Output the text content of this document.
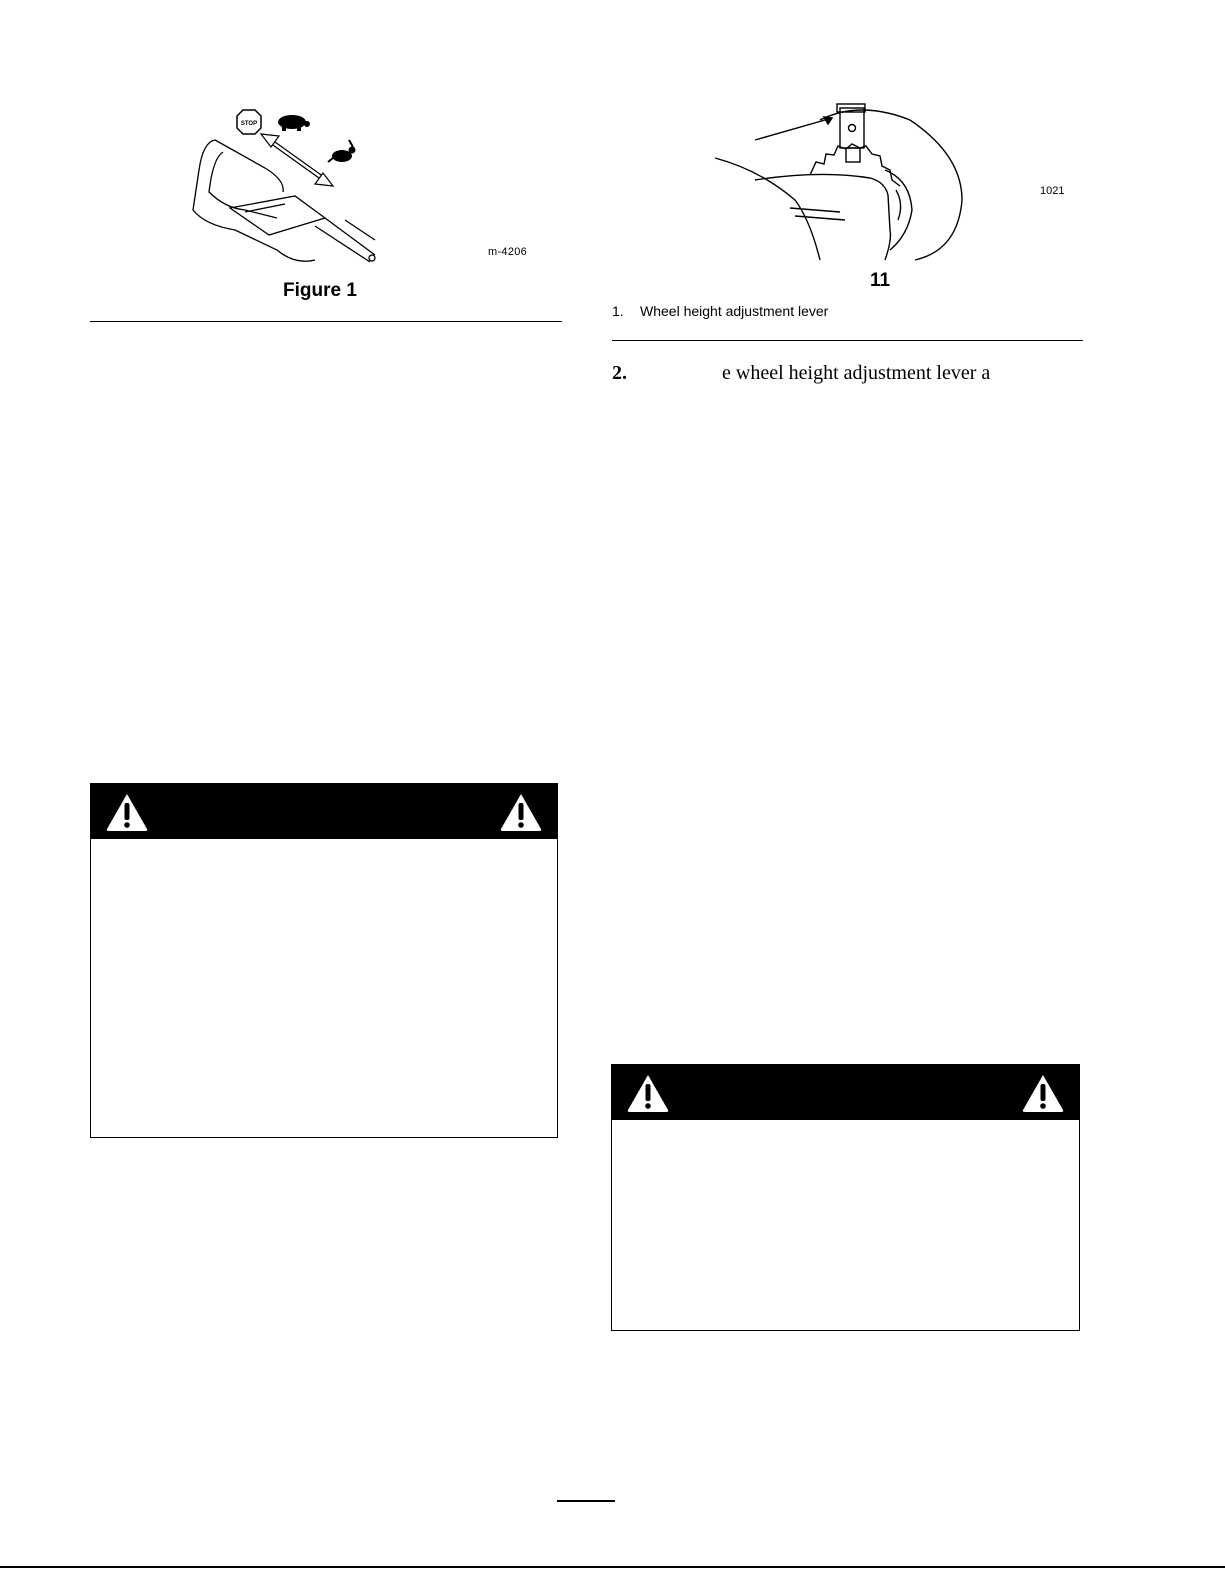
STOP
m-4206
Figure 1
1021
11
1. Wheel height adjustment lever
2.	e wheel height adjustment lever a
